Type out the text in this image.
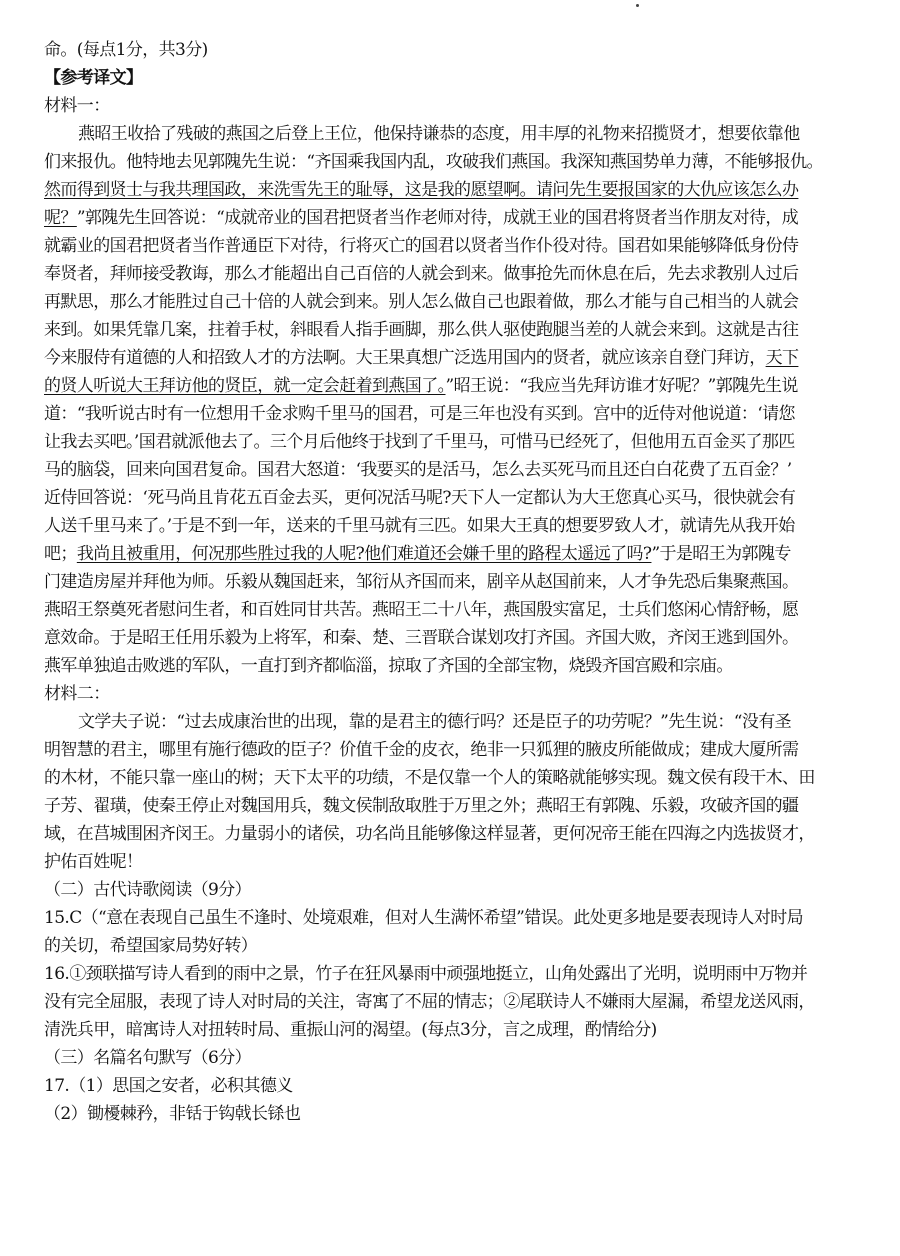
命。(每点1分，共3分)

【参考译文】

材料一：

燕昭王收拾了残破的燕国之后登上王位，他保持谦恭的态度，用丰厚的礼物来招揽贤才，想要依靠他

们来报仇。他特地去见郭隗先生说：“齐国乘我国内乱，攻破我们燕国。我深知燕国势单力薄，不能够报仇。

然而得到贤士与我共理国政，来洗雪先王的耻辱，这是我的愿望啊。请问先生要报国家的大仇应该怎么办

呢？”郭隗先生回答说：“成就帝业的国君把贤者当作老师对待，成就王业的国君将贤者当作朋友对待，成

就霸业的国君把贤者当作普通臣下对待，行将灭亡的国君以贤者当作仆役对待。国君如果能够降低身份侍

奉贤者，拜师接受教诲，那么才能超出自己百倍的人就会到来。做事抢先而休息在后，先去求教别人过后

再默思，那么才能胜过自己十倍的人就会到来。别人怎么做自己也跟着做，那么才能与自己相当的人就会

来到。如果凭靠几案，拄着手杖，斜眼看人指手画脚，那么供人驱使跑腿当差的人就会来到。这就是古往

今来服侍有道德的人和招致人才的方法啊。大王果真想广泛选用国内的贤者，就应该亲自登门拜访，天下

的贤人听说大王拜访他的贤臣，就一定会赶着到燕国了。”昭王说：“我应当先拜访谁才好呢？”郭隗先生说

道：“我听说古时有一位想用千金求购千里马的国君，可是三年也没有买到。宫中的近侍对他说道：‘请您

让我去买吧。’国君就派他去了。三个月后他终于找到了千里马，可惜马已经死了，但他用五百金买了那匹

马的脑袋，回来向国君复命。国君大怒道：‘我要买的是活马，怎么去买死马而且还白白花费了五百金？’

近侍回答说：‘死马尚且肯花五百金去买，更何况活马呢?天下人一定都认为大王您真心买马，很快就会有

人送千里马来了。’于是不到一年，送来的千里马就有三匹。如果大王真的想要罗致人才，就请先从我开始

吧；我尚且被重用，何况那些胜过我的人呢?他们难道还会嫌千里的路程太遥远了吗?”于是昭王为郭隗专

门建造房屋并拜他为师。乐毅从魏国赶来，邹衍从齐国而来，剧辛从赵国前来，人才争先恐后集聚燕国。

燕昭王祭奠死者慰问生者，和百姓同甘共苦。燕昭王二十八年，燕国殷实富足，士兵们悠闲心情舒畅，愿

意效命。于是昭王任用乐毅为上将军，和秦、楚、三晋联合谋划攻打齐国。齐国大败，齐闵王逃到国外。

燕军单独追击败逃的军队，一直打到齐都临淄，掠取了齐国的全部宝物，烧毁齐国宫殿和宗庙。

材料二：

文学夫子说：“过去成康治世的出现，靠的是君主的德行吗？还是臣子的功劳呢？”先生说：“没有圣

明智慧的君主，哪里有施行德政的臣子？价值千金的皮衣，绝非一只狐狸的腋皮所能做成；建成大厦所需

的木材，不能只靠一座山的树；天下太平的功绩，不是仅靠一个人的策略就能够实现。魏文侯有段干木、田

子芳、翟璜，使秦王停止对魏国用兵，魏文侯制敌取胜于万里之外；燕昭王有郭隗、乐毅，攻破齐国的疆

域，在莒城围困齐闵王。力量弱小的诸侯，功名尚且能够像这样显著，更何况帝王能在四海之内选拔贤才，

护佑百姓呢！

（二）古代诗歌阅读（9分）

15.C（“意在表现自己虽生不逢时、处境艰难，但对人生满怀希望”错误。此处更多地是要表现诗人对时局

的关切，希望国家局势好转）

16.①颈联描写诗人看到的雨中之景，竹子在狂风暴雨中顽强地挺立，山角处露出了光明，说明雨中万物并

没有完全屈服，表现了诗人对时局的关注，寄寓了不屈的情志；②尾联诗人不嫌雨大屋漏，希望龙送风雨，

清洗兵甲，暗寓诗人对扭转时局、重振山河的渴望。(每点3分，言之成理，酌情给分)

（三）名篇名句默写（6分）

17.（1）思国之安者，必积其德义

（2）锄櫌棘矜，非铦于钩戟长铩也
